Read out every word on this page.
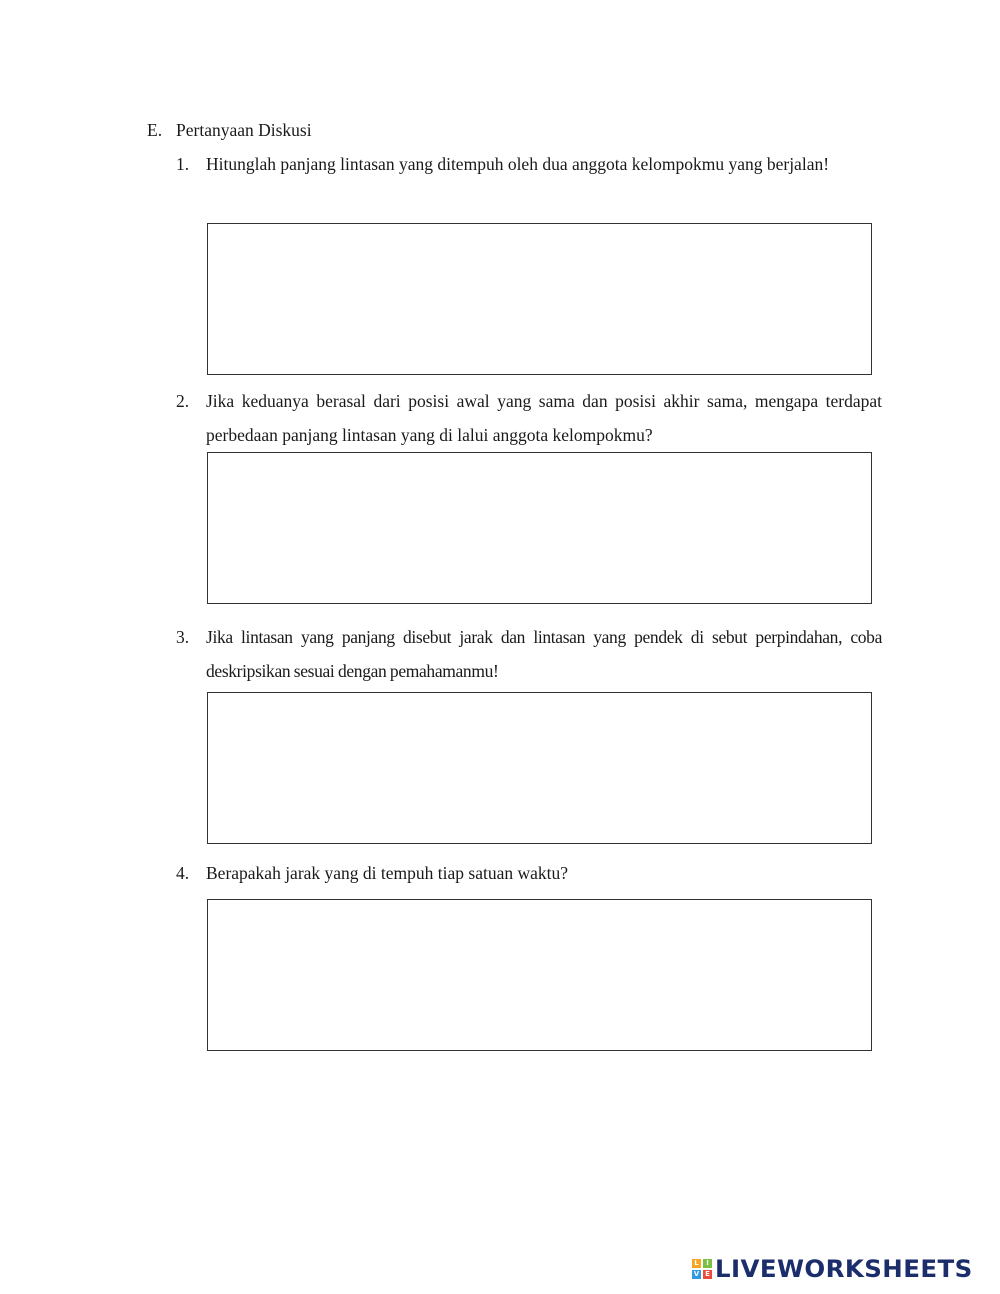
E. Pertanyaan Diskusi
1. Hitunglah panjang lintasan yang ditempuh oleh dua anggota kelompokmu yang berjalan!
2. Jika keduanya berasal dari posisi awal yang sama dan posisi akhir sama, mengapa terdapat perbedaan panjang lintasan yang di lalui anggota kelompokmu?
3. Jika lintasan yang panjang disebut jarak dan lintasan yang pendek di sebut perpindahan, coba deskripsikan sesuai dengan pemahamanmu!
4. Berapakah jarak yang di tempuh tiap satuan waktu?
L	I
V E LIVEWORKSHEETS
